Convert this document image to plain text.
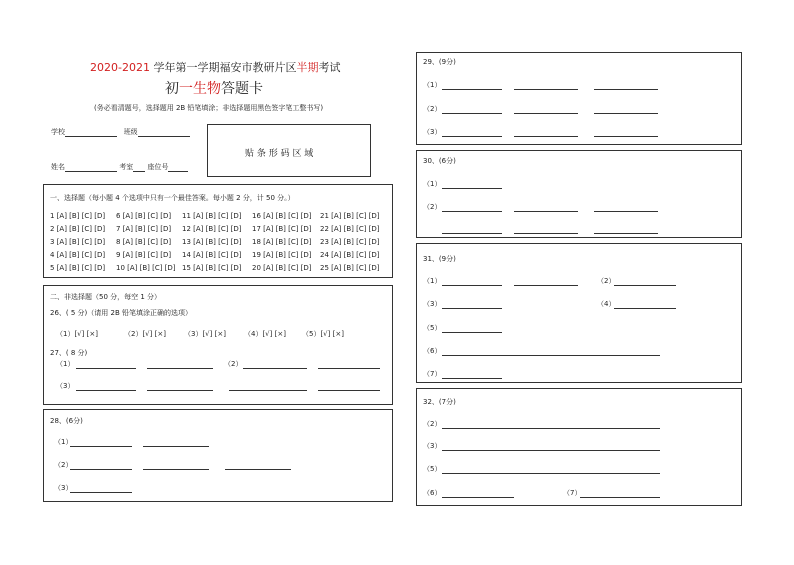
2020-2021 学年第一学期福安市教研片区半期考试
初一生物答题卡
(务必看清题号，选择题用 2B 铅笔填涂；非选择题用黑色签字笔工整书写)
学校	班级
姓名	考室 座位号
贴 条 形 码 区 域
一、选择题（每小题 4 个选项中只有一个最佳答案。每小题 2 分，计 50 分。）
1 [A] [B] [C] [D]
2 [A] [B] [C] [D]
3 [A] [B] [C] [D]
4 [A] [B] [C] [D]
5 [A] [B] [C] [D]
6 [A] [B] [C] [D]
7 [A] [B] [C] [D]
8 [A] [B] [C] [D]
9 [A] [B] [C] [D]
10 [A] [B] [C] [D]
11 [A] [B] [C] [D]
12 [A] [B] [C] [D]
13 [A] [B] [C] [D]
14 [A] [B] [C] [D]
15 [A] [B] [C] [D]
16 [A] [B] [C] [D]
17 [A] [B] [C] [D]
18 [A] [B] [C] [D]
19 [A] [B] [C] [D]
20 [A] [B] [C] [D]
21 [A] [B] [C] [D]
22 [A] [B] [C] [D]
23 [A] [B] [C] [D]
24 [A] [B] [C] [D]
25 [A] [B] [C] [D]
二、非选择题（50 分，每空 1 分）
26、( 5 分)（请用 2B 铅笔填涂正确的选项）
（1）[√] [×]	（2）[√] [×]	（3）[√] [×]	（4）[√] [×] （5）[√] [×]
27、( 8 分)
（1）	（2）
（3）
28、(6分)
（1）
（2）
（3）
29、(9分)
（1）
（2）
（3）
30、(6分)
（1）
（2）
31、(9分)
（1）	（2）
（3）	（4）
（5）
（6）
（7）
32、(7分)
（2）
（3）
（5）
（6）	（7）
